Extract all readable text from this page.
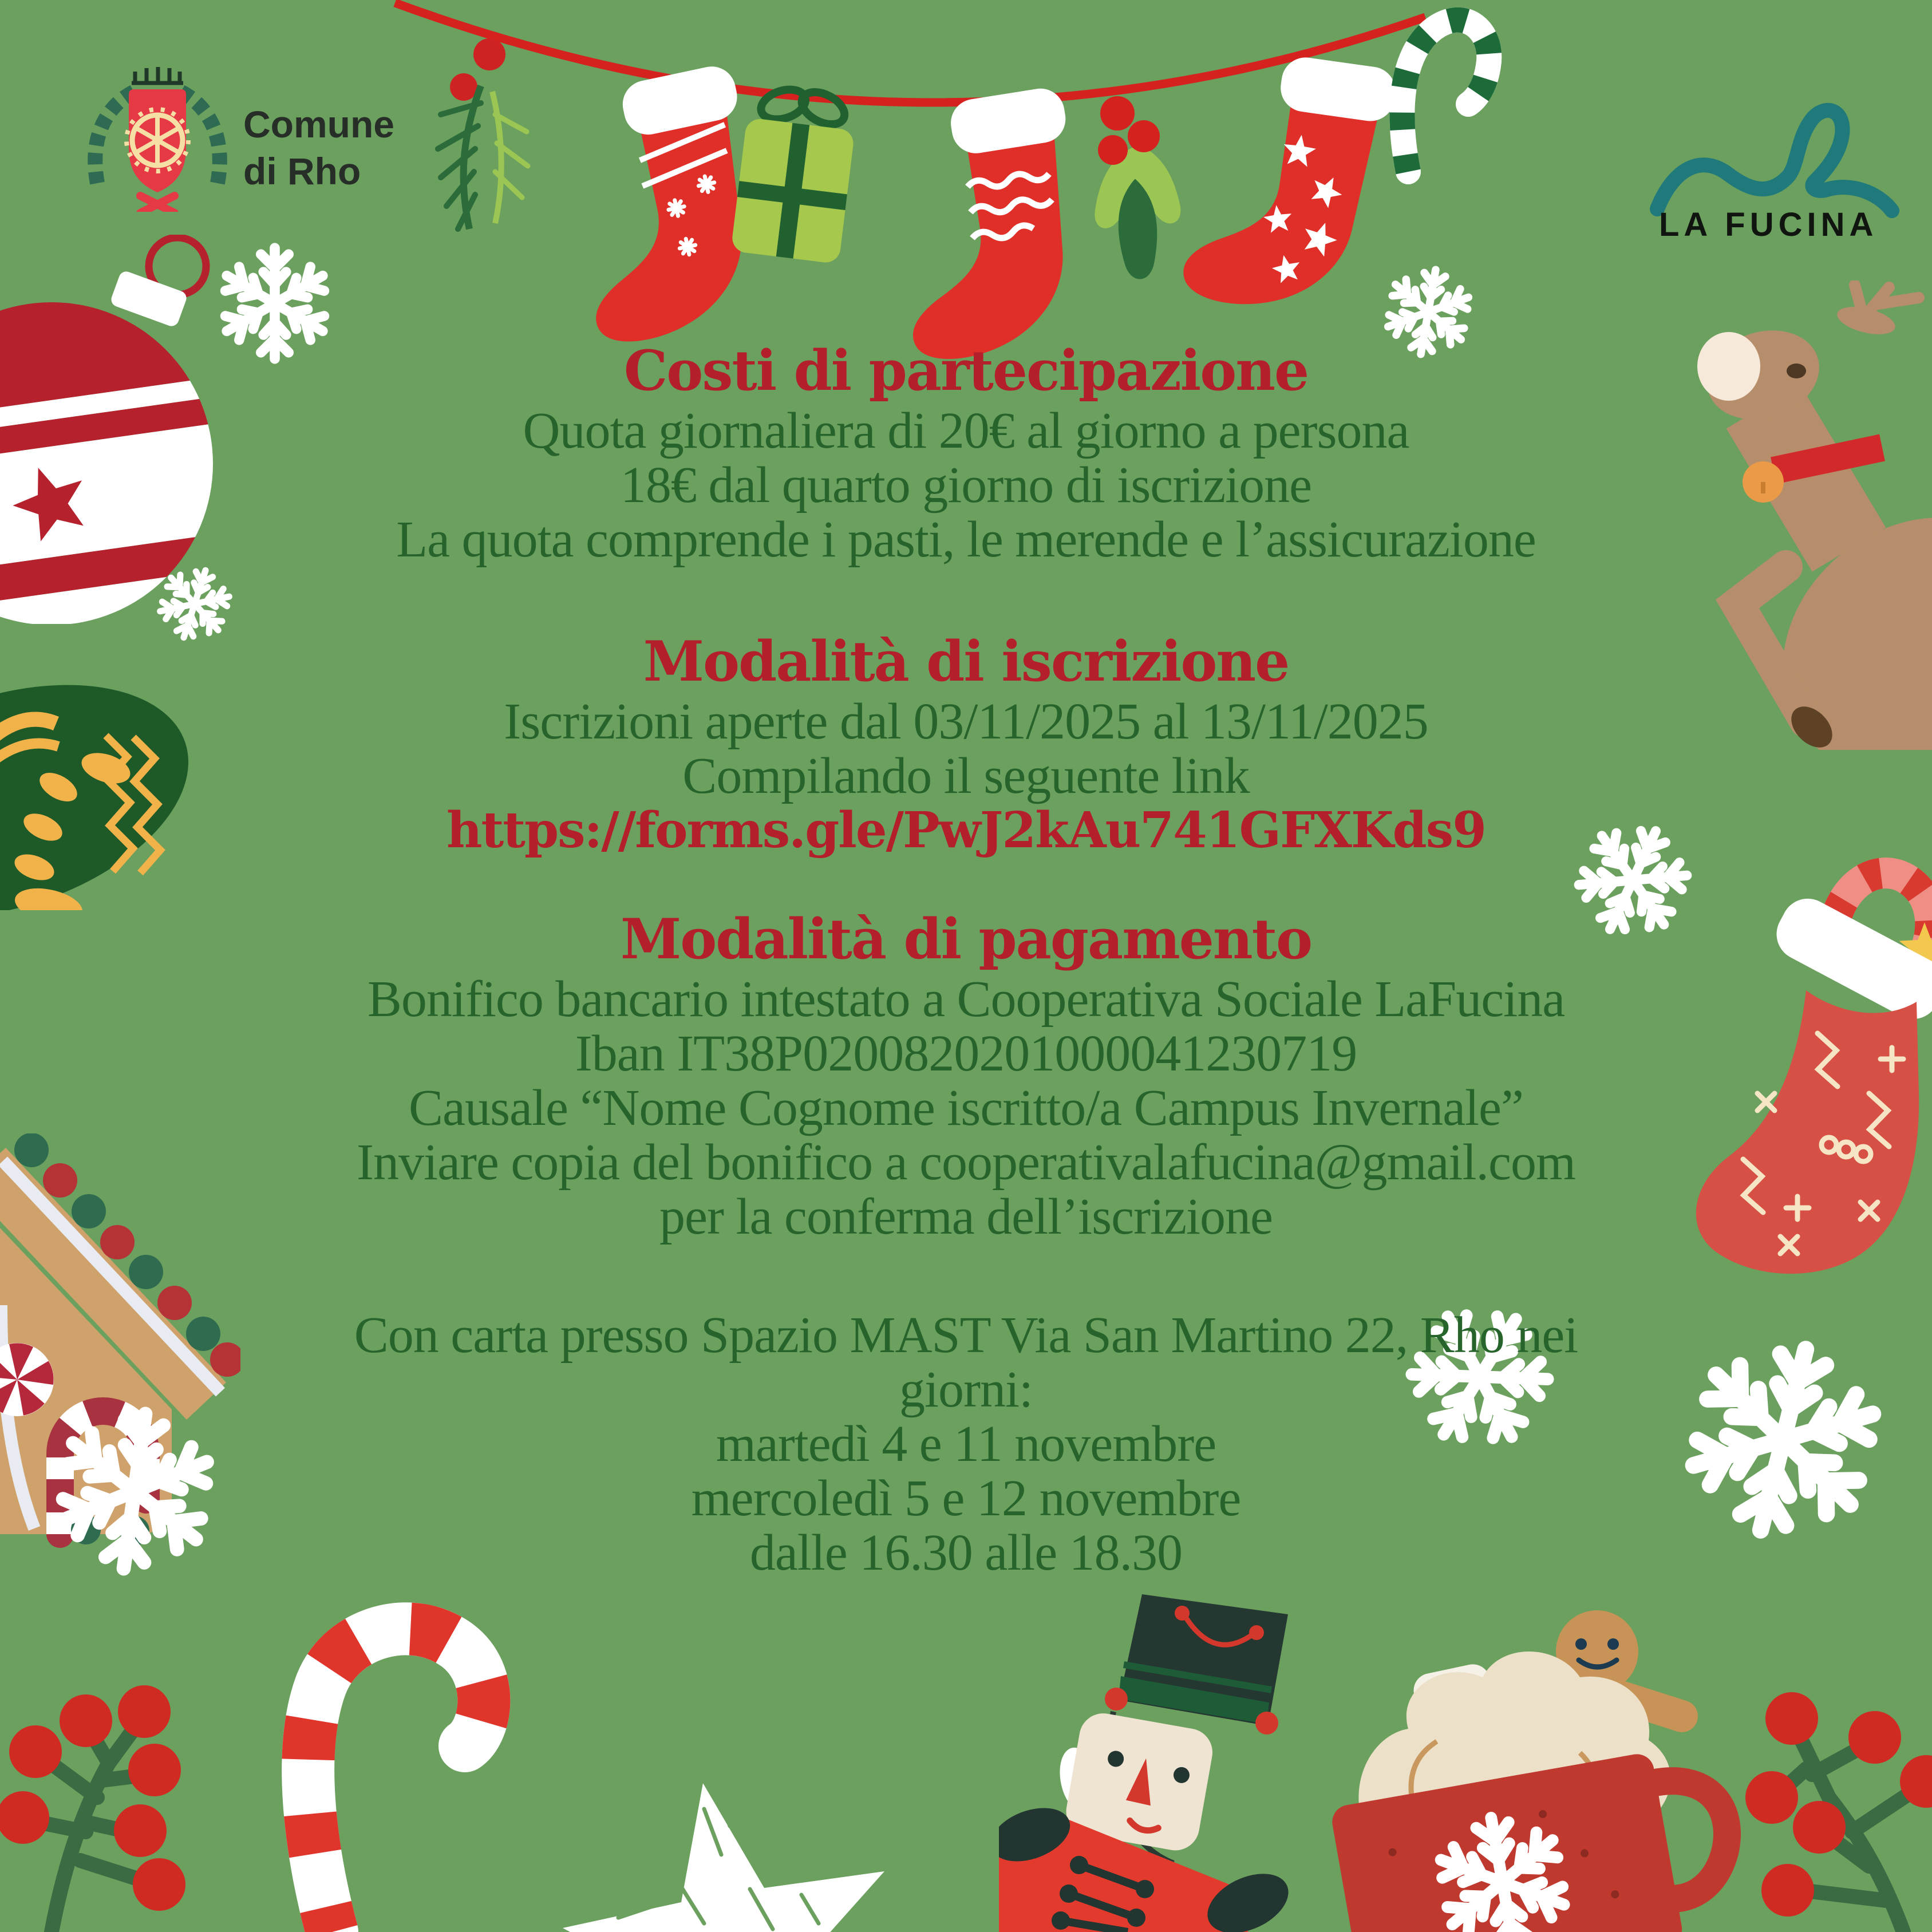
Comune
di Rho
LA FUCINA
Costi di partecipazione

Quota giornaliera di 20€ al giorno a persona

18€ dal quarto giorno di iscrizione

La quota comprende i pasti, le merende e l’assicurazione

Modalità di iscrizione

Iscrizioni aperte dal 03/11/2025 al 13/11/2025

Compilando il seguente link

https://forms.gle/PwJ2kAu741GFXKds9

Modalità di pagamento

Bonifico bancario intestato a Cooperativa Sociale LaFucina

Iban IT38P0200820201000041230719

Causale “Nome Cognome iscritto/a Campus Invernale”

Inviare copia del bonifico a cooperativalafucina@gmail.com

per la conferma dell’iscrizione

Con carta presso Spazio MAST Via San Martino 22, Rho nei

giorni:

martedì 4 e 11 novembre

mercoledì 5 e 12 novembre

dalle 16.30 alle 18.30
